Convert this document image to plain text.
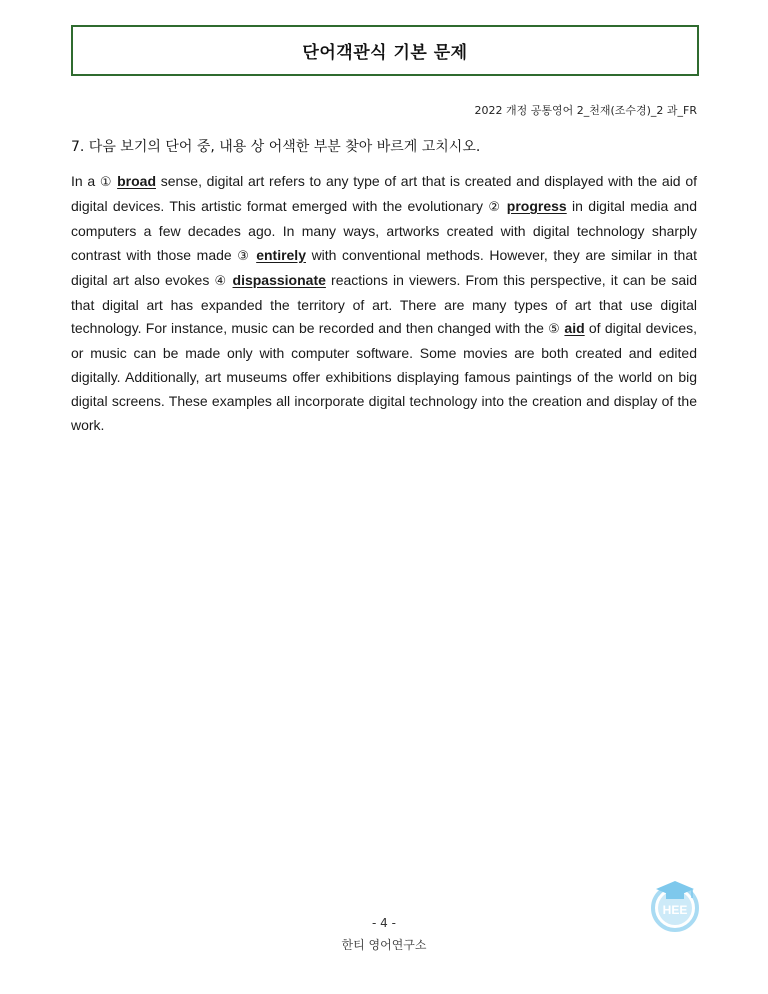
단어객관식 기본 문제
2022 개정 공통영어 2_천재(조수경)_2 과_FR
7. 다음 보기의 단어 중, 내용 상 어색한 부분 찾아 바르게 고치시오.
In a ① broad sense, digital art refers to any type of art that is created and displayed with the aid of digital devices. This artistic format emerged with the evolutionary ② progress in digital media and computers a few decades ago. In many ways, artworks created with digital technology sharply contrast with those made ③ entirely with conventional methods. However, they are similar in that digital art also evokes ④ dispassionate reactions in viewers. From this perspective, it can be said that digital art has expanded the territory of art. There are many types of art that use digital technology. For instance, music can be recorded and then changed with the ⑤ aid of digital devices, or music can be made only with computer software. Some movies are both created and edited digitally. Additionally, art museums offer exhibitions displaying famous paintings of the world on big digital screens. These examples all incorporate digital technology into the creation and display of the work.
HEE
- 4 -
한티 영어연구소
